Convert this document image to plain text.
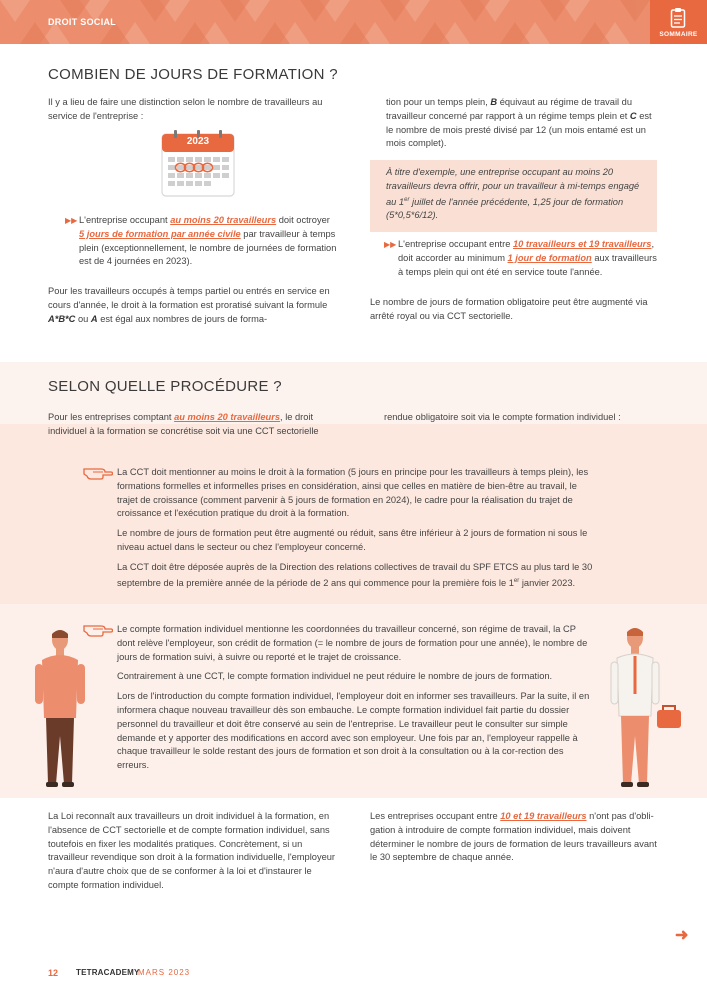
DROIT SOCIAL
SOMMAIRE
COMBIEN DE JOURS DE FORMATION ?

Il y a lieu de faire une distinction selon le nombre de travailleurs au service de l'entreprise :

2023
▶▶ L'entreprise occupant au moins 20 travailleurs doit octroyer 5 jours de formation par année civile par travailleur à temps plein (exceptionnellement, le nombre de journées de formation est de 4 journées en 2023).

Pour les travailleurs occupés à temps partiel ou entrés en service en cours d'année, le droit à la formation est proratisé suivant la formule A*B*C ou A est égal aux nombres de jours de forma-

tion pour un temps plein, B équivaut au régime de travail du travailleur concerné par rapport à un régime temps plein et C est le nombre de mois presté divisé par 12 (un mois entamé est un mois complet).

À titre d'exemple, une entreprise occupant au moins 20 travailleurs devra offrir, pour un travailleur à mi-temps engagé au 1er juillet de l'année précédente, 1,25 jour de formation (5*0,5*6/12).

▶▶ L'entreprise occupant entre 10 travailleurs et 19 travailleurs, doit accorder au minimum 1 jour de formation aux travailleurs à temps plein qui ont été en service toute l'année.

Le nombre de jours de formation obligatoire peut être augmenté via arrêté royal ou via CCT sectorielle.

SELON QUELLE PROCÉDURE ?

Pour les entreprises comptant au moins 20 travailleurs, le droit individuel à la formation se concrétise soit via une CCT sectorielle

rendue obligatoire soit via le compte formation individuel :

La CCT doit mentionner au moins le droit à la formation (5 jours en principe pour les travailleurs à temps plein), les formations formelles et informelles prises en considération, ainsi que celles en matière de bien-être au travail, le trajet de croissance (comment parvenir à 5 jours de formation en 2024), le cadre pour la réalisation du trajet de croissance et l'exécution pratique du droit à la formation.

Le nombre de jours de formation peut être augmenté ou réduit, sans être inférieur à 2 jours de formation ni sous le niveau actuel dans le secteur ou chez l'employeur concerné.

La CCT doit être déposée auprès de la Direction des relations collectives de travail du SPF ETCS au plus tard le 30 septembre de la première année de la période de 2 ans qui commence pour la première fois le 1er janvier 2023.

Le compte formation individuel mentionne les coordonnées du travailleur concerné, son régime de travail, la CP dont relève l'employeur, son crédit de formation (= le nombre de jours de formation pour une année), le nombre de jours de formation suivi, à suivre ou reporté et le trajet de croissance.

Contrairement à une CCT, le compte formation individuel ne peut réduire le nombre de jours de formation.

Lors de l'introduction du compte formation individuel, l'employeur doit en informer ses travailleurs. Par la suite, il en informera chaque nouveau travailleur dès son embauche. Le compte formation individuel fait partie du dossier personnel du travailleur et doit être conservé au sein de l'entreprise. Le travailleur peut le consulter sur simple demande et y apporter des modifications en accord avec son employeur. Une fois par an, l'employeur rappelle à chaque travailleur le solde restant des jours de formation et son droit à la consultation ou à la cor-rection des erreurs.

La Loi reconnaît aux travailleurs un droit individuel à la formation, en l'absence de CCT sectorielle et de compte formation individuel, sans toutefois en fixer les modalités pratiques. Concrètement, si un travailleur revendique son droit à la formation individuelle, l'employeur n'aura d'autre choix que de se conformer à la loi et d'instaurer le compte formation individuel.

Les entreprises occupant entre 10 et 19 travailleurs n'ont pas d'obli-gation à introduire de compte formation individuel, mais doivent déterminer le nombre de jours de formation de leurs travailleurs avant le 30 septembre de chaque année.

➜
12 TETRACADEMY
MARS 2023
